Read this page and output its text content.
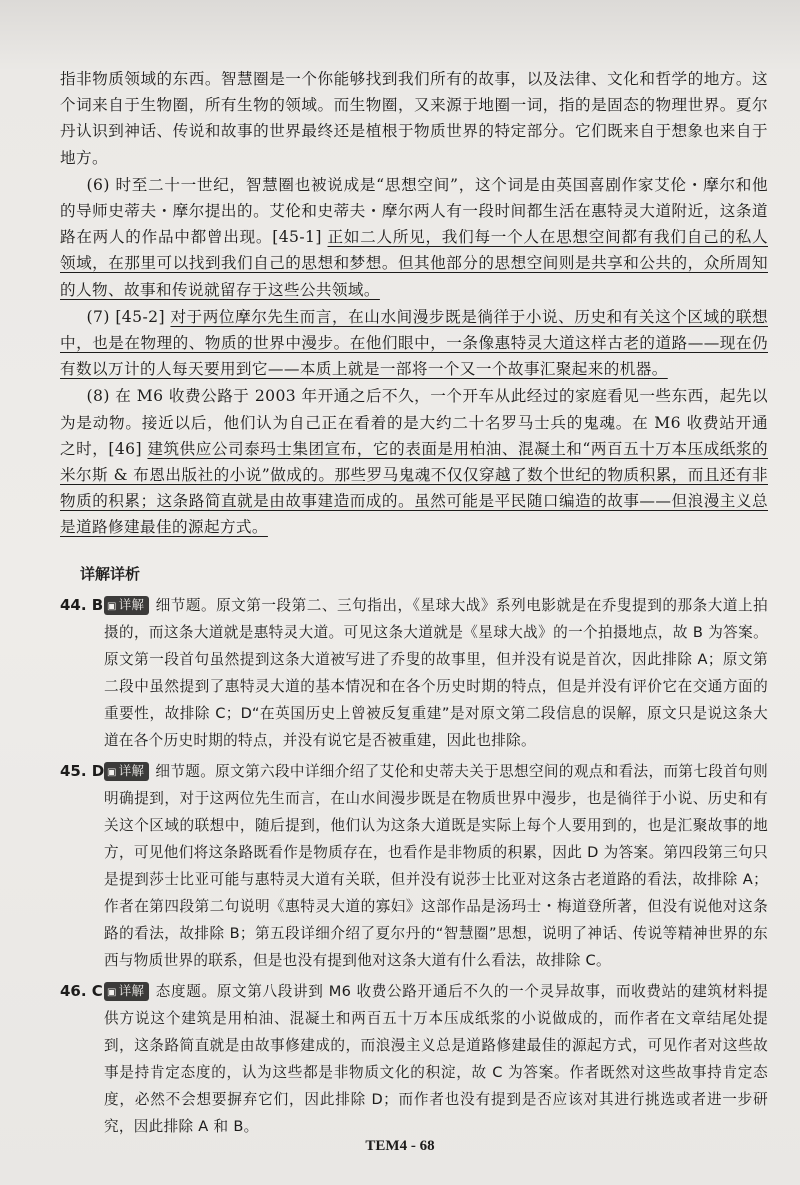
指非物质领域的东西。智慧圈是一个你能够找到我们所有的故事，以及法律、文化和哲学的地方。这个词来自于生物圈，所有生物的领域。而生物圈，又来源于地圈一词，指的是固态的物理世界。夏尔丹认识到神话、传说和故事的世界最终还是植根于物质世界的特定部分。它们既来自于想象也来自于地方。

(6) 时至二十一世纪，智慧圈也被说成是“思想空间”，这个词是由英国喜剧作家艾伦・摩尔和他的导师史蒂夫・摩尔提出的。艾伦和史蒂夫・摩尔两人有一段时间都生活在惠特灵大道附近，这条道路在两人的作品中都曾出现。[45-1] 正如二人所见，我们每一个人在思想空间都有我们自己的私人领域，在那里可以找到我们自己的思想和梦想。但其他部分的思想空间则是共享和公共的，众所周知的人物、故事和传说就留存于这些公共领域。

(7) [45-2] 对于两位摩尔先生而言，在山水间漫步既是徜徉于小说、历史和有关这个区域的联想中，也是在物理的、物质的世界中漫步。在他们眼中，一条像惠特灵大道这样古老的道路——现在仍有数以万计的人每天要用到它——本质上就是一部将一个又一个故事汇聚起来的机器。

(8) 在 M6 收费公路于 2003 年开通之后不久，一个开车从此经过的家庭看见一些东西，起先以为是动物。接近以后，他们认为自己正在看着的是大约二十名罗马士兵的鬼魂。在 M6 收费站开通之时，[46] 建筑供应公司泰玛士集团宣布，它的表面是用柏油、混凝土和“两百五十万本压成纸浆的米尔斯 & 布恩出版社的小说”做成的。那些罗马鬼魂不仅仅穿越了数个世纪的物质积累，而且还有非物质的积累；这条路简直就是由故事建造而成的。虽然可能是平民随口编造的故事——但浪漫主义总是道路修建最佳的源起方式。

详解详析
44. B ▣ 详解 细节题。原文第一段第二、三句指出，《星球大战》系列电影就是在乔叟提到的那条大道上拍摄的，而这条大道就是惠特灵大道。可见这条大道就是《星球大战》的一个拍摄地点，故 B 为答案。原文第一段首句虽然提到这条大道被写进了乔叟的故事里，但并没有说是首次，因此排除 A；原文第二段中虽然提到了惠特灵大道的基本情况和在各个历史时期的特点，但是并没有评价它在交通方面的重要性，故排除 C；D“在英国历史上曾被反复重建”是对原文第二段信息的误解，原文只是说这条大道在各个历史时期的特点，并没有说它是否被重建，因此也排除。

45. D ▣ 详解 细节题。原文第六段中详细介绍了艾伦和史蒂夫关于思想空间的观点和看法，而第七段首句则明确提到，对于这两位先生而言，在山水间漫步既是在物质世界中漫步，也是徜徉于小说、历史和有关这个区域的联想中，随后提到，他们认为这条大道既是实际上每个人要用到的，也是汇聚故事的地方，可见他们将这条路既看作是物质存在，也看作是非物质的积累，因此 D 为答案。第四段第三句只是提到莎士比亚可能与惠特灵大道有关联，但并没有说莎士比亚对这条古老道路的看法，故排除 A；作者在第四段第二句说明《惠特灵大道的寡妇》这部作品是汤玛士・梅道登所著，但没有说他对这条路的看法，故排除 B；第五段详细介绍了夏尔丹的“智慧圈”思想，说明了神话、传说等精神世界的东西与物质世界的联系，但是也没有提到他对这条大道有什么看法，故排除 C。

46. C ▣ 详解 态度题。原文第八段讲到 M6 收费公路开通后不久的一个灵异故事，而收费站的建筑材料提供方说这个建筑是用柏油、混凝土和两百五十万本压成纸浆的小说做成的，而作者在文章结尾处提到，这条路简直就是由故事修建成的，而浪漫主义总是道路修建最佳的源起方式，可见作者对这些故事是持肯定态度的，认为这些都是非物质文化的积淀，故 C 为答案。作者既然对这些故事持肯定态度，必然不会想要摒弃它们，因此排除 D；而作者也没有提到是否应该对其进行挑选或者进一步研究，因此排除 A 和 B。

TEM4 - 68
